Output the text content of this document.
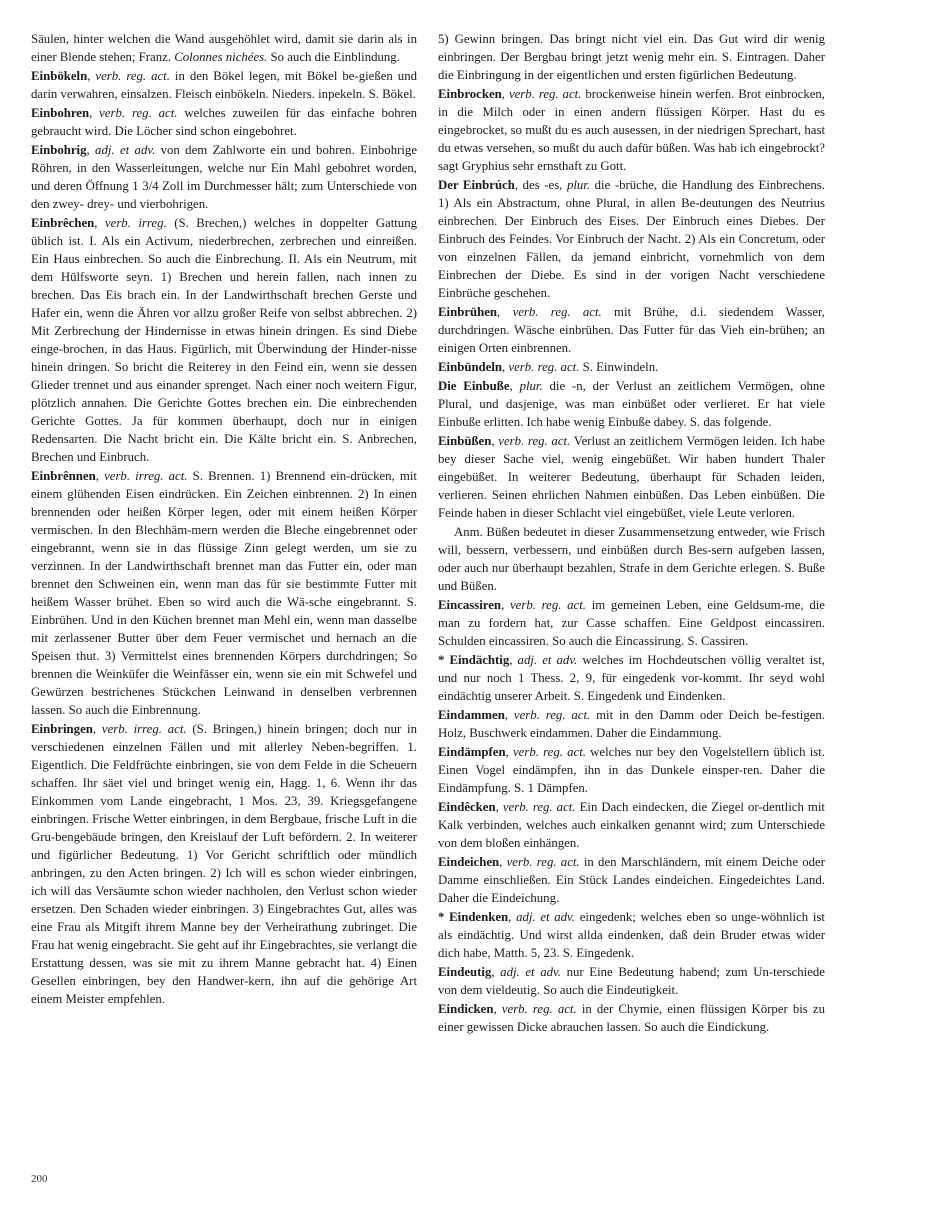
Säulen, hinter welchen die Wand ausgehöhlet wird, damit sie darin als in einer Blende stehen; Franz. Colonnes nichées. So auch die Einblindung.

Einbökeln, verb. reg. act. in den Bökel legen, mit Bökel be-gießen und darin verwahren, einsalzen. Fleisch einbökeln. Nieders. inpekeln. S. Bökel.

Einbohren, verb. reg. act. welches zuweilen für das einfache bohren gebraucht wird. Die Löcher sind schon eingebohret.

Einbohrig, adj. et adv. von dem Zahlworte ein und bohren. Einbohrige Röhren, in den Wasserleitungen, welche nur Ein Mahl gebohret worden, und deren Öffnung 1 3/4 Zoll im Durchmesser hält; zum Unterschiede von den zwey- drey- und vierbohrigen.

Einbrêchen, verb. irreg. (S. Brechen,) welches in doppelter Gattung üblich ist. I. Als ein Activum, niederbrechen, zerbrechen und einreißen. Ein Haus einbrechen. So auch die Einbrechung. II. Als ein Neutrum, mit dem Hülfsworte seyn. 1) Brechen und herein fallen, nach innen zu brechen. Das Eis brach ein. In der Landwirthschaft brechen Gerste und Hafer ein, wenn die Ähren vor allzu großer Reife von selbst abbrechen. 2) Mit Zerbrechung der Hindernisse in etwas hinein dringen. Es sind Diebe einge-brochen, in das Haus. Figürlich, mit Überwindung der Hinder-nisse hinein dringen. So bricht die Reiterey in den Feind ein, wenn sie dessen Glieder trennet und aus einander sprenget. Nach einer noch weitern Figur, plötzlich annahen. Die Gerichte Gottes brechen ein. Die einbrechenden Gerichte Gottes. Ja für kommen überhaupt, doch nur in einigen Redensarten. Die Nacht bricht ein. Die Kälte bricht ein. S. Anbrechen, Brechen und Einbruch.

Einbrênnen, verb. irreg. act. S. Brennen. 1) Brennend ein-drücken, mit einem glühenden Eisen eindrücken. Ein Zeichen einbrennen. 2) In einen brennenden oder heißen Körper legen, oder mit einem heißen Körper vermischen. In den Blechhäm-mern werden die Bleche eingebrennet oder eingebrannt, wenn sie in das flüssige Zinn gelegt werden, um sie zu verzinnen. In der Landwirthschaft brennet man das Futter ein, oder man brennet den Schweinen ein, wenn man das für sie bestimmte Futter mit heißem Wasser brühet. Eben so wird auch die Wä-sche eingebrannt. S. Einbrühen. Und in den Küchen brennet man Mehl ein, wenn man dasselbe mit zerlassener Butter über dem Feuer vermischet und hernach an die Speisen thut. 3) Vermittelst eines brennenden Körpers durchdringen; So brennen die Weinküfer die Weinfässer ein, wenn sie ein mit Schwefel und Gewürzen bestrichenes Stückchen Leinwand in denselben verbrennen lassen. So auch die Einbrennung.

Einbringen, verb. irreg. act. (S. Bringen,) hinein bringen; doch nur in verschiedenen einzelnen Fällen und mit allerley Neben-begriffen. 1. Eigentlich. Die Feldfrüchte einbringen, sie von dem Felde in die Scheuern schaffen. Ihr säet viel und bringet wenig ein, Hagg. 1, 6. Wenn ihr das Einkommen vom Lande eingebracht, 1 Mos. 23, 39. Kriegsgefangene einbringen. Frische Wetter einbringen, in dem Bergbaue, frische Luft in die Gru-bengebäude bringen, den Kreislauf der Luft befördern. 2. In weiterer und figürlicher Bedeutung. 1) Vor Gericht schriftlich oder mündlich anbringen, zu den Acten bringen. 2) Ich will es schon wieder einbringen, ich will das Versäumte schon wieder nachholen, den Verlust schon wieder ersetzen. Den Schaden wieder einbringen. 3) Eingebrachtes Gut, alles was eine Frau als Mitgift ihrem Manne bey der Verheirathung zubringet. Die Frau hat wenig eingebracht. Sie geht auf ihr Eingebrachtes, sie verlangt die Erstattung dessen, was sie mit zu ihrem Manne gebracht hat. 4) Einen Gesellen einbringen, bey den Handwer-kern, ihn auf die gehörige Art einem Meister empfehlen.

5) Gewinn bringen. Das bringt nicht viel ein. Das Gut wird dir wenig einbringen. Der Bergbau bringt jetzt wenig mehr ein. S. Eintragen. Daher die Einbringung in der eigentlichen und ersten figürlichen Bedeutung.

Einbrocken, verb. reg. act. brockenweise hinein werfen. Brot einbrocken, in die Milch oder in einen andern flüssigen Körper. Hast du es eingebrocket, so mußt du es auch ausessen, in der niedrigen Sprechart, hast du etwas versehen, so mußt du auch dafür büßen. Was hab ich eingebrockt? sagt Gryphius sehr ernsthaft zu Gott.

Der Einbrúch, des -es, plur. die -brüche, die Handlung des Einbrechens. 1) Als ein Abstractum, ohne Plural, in allen Be-deutungen des Neutrius einbrechen. Der Einbruch des Eises. Der Einbruch eines Diebes. Der Einbruch des Feindes. Vor Einbruch der Nacht. 2) Als ein Concretum, oder von einzelnen Fällen, da jemand einbricht, vornehmlich von dem Einbrechen der Diebe. Es sind in der vorigen Nacht verschiedene Einbrüche geschehen.

Einbrühen, verb. reg. act. mit Brühe, d.i. siedendem Wasser, durchdringen. Wäsche einbrühen. Das Futter für das Vieh ein-brühen; an einigen Orten einbrennen.

Einbündeln, verb. reg. act. S. Einwindeln.

Die Einbuße, plur. die -n, der Verlust an zeitlichem Vermögen, ohne Plural, und dasjenige, was man einbüßet oder verlieret. Er hat viele Einbuße erlitten. Ich habe wenig Einbuße dabey. S. das folgende.

Einbüßen, verb. reg. act. Verlust an zeitlichem Vermögen leiden. Ich habe bey dieser Sache viel, wenig eingebüßet. Wir haben hundert Thaler eingebüßet. In weiterer Bedeutung, überhaupt für Schaden leiden, verlieren. Seinen ehrlichen Nahmen einbüßen. Das Leben einbüßen. Die Feinde haben in dieser Schlacht viel eingebüßet, viele Leute verloren.

Anm. Büßen bedeutet in dieser Zusammensetzung entweder, wie Frisch will, bessern, verbessern, und einbüßen durch Bes-sern aufgeben lassen, oder auch nur überhaupt bezahlen, Strafe in dem Gerichte erlegen. S. Buße und Büßen.

Eincassiren, verb. reg. act. im gemeinen Leben, eine Geldsum-me, die man zu fordern hat, zur Casse schaffen. Eine Geldpost eincassiren. Schulden eincassiren. So auch die Eincassirung. S. Cassiren.

* Eindächtig, adj. et adv. welches im Hochdeutschen völlig veraltet ist, und nur noch 1 Thess. 2, 9, für eingedenk vor-kommt. Ihr seyd wohl eindächtig unserer Arbeit. S. Eingedenk und Eindenken.

Eindammen, verb. reg. act. mit in den Damm oder Deich be-festigen. Holz, Buschwerk eindammen. Daher die Eindammung.

Eindämpfen, verb. reg. act. welches nur bey den Vogelstellern üblich ist. Einen Vogel eindämpfen, ihn in das Dunkele einsper-ren. Daher die Eindämpfung. S. 1 Dämpfen.

Eindêcken, verb. reg. act. Ein Dach eindecken, die Ziegel or-dentlich mit Kalk verbinden, welches auch einkalken genannt wird; zum Unterschiede von dem bloßen einhängen.

Eindeichen, verb. reg. act. in den Marschländern, mit einem Deiche oder Damme einschließen. Ein Stück Landes eindeichen. Eingedeichtes Land. Daher die Eindeichung.

* Eindenken, adj. et adv. eingedenk; welches eben so unge-wöhnlich ist als eindächtig. Und wirst allda eindenken, daß dein Bruder etwas wider dich habe, Matth. 5, 23. S. Eingedenk.

Eindeutig, adj. et adv. nur Eine Bedeutung habend; zum Un-terschiede von dem vieldeutig. So auch die Eindeutigkeit.

Eindicken, verb. reg. act. in der Chymie, einen flüssigen Körper bis zu einer gewissen Dicke abrauchen lassen. So auch die Eindickung.

200
